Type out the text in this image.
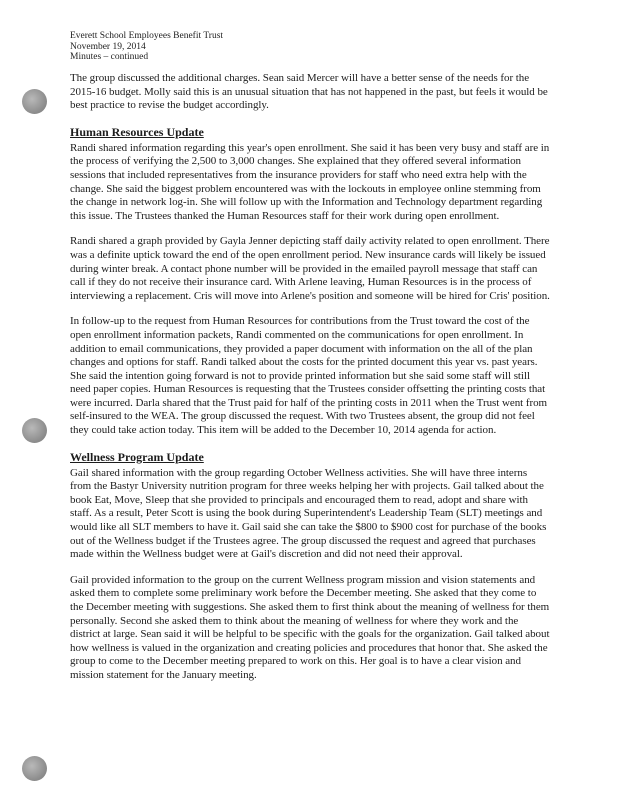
Everett School Employees Benefit Trust
November 19, 2014
Minutes – continued

The group discussed the additional charges. Sean said Mercer will have a better sense of the needs for the 2015-16 budget. Molly said this is an unusual situation that has not happened in the past, but feels it would be best practice to revise the budget accordingly.

Human Resources Update

Randi shared information regarding this year's open enrollment. She said it has been very busy and staff are in the process of verifying the 2,500 to 3,000 changes. She explained that they offered several information sessions that included representatives from the insurance providers for staff who need extra help with the change. She said the biggest problem encountered was with the lockouts in employee online stemming from the change in network log-in. She will follow up with the Information and Technology department regarding this issue. The Trustees thanked the Human Resources staff for their work during open enrollment.

Randi shared a graph provided by Gayla Jenner depicting staff daily activity related to open enrollment. There was a definite uptick toward the end of the open enrollment period. New insurance cards will likely be issued during winter break. A contact phone number will be provided in the emailed payroll message that staff can call if they do not receive their insurance card. With Arlene leaving, Human Resources is in the process of interviewing a replacement. Cris will move into Arlene's position and someone will be hired for Cris' position.

In follow-up to the request from Human Resources for contributions from the Trust toward the cost of the open enrollment information packets, Randi commented on the communications for open enrollment. In addition to email communications, they provided a paper document with information on the all of the plan changes and options for staff. Randi talked about the costs for the printed document this year vs. past years. She said the intention going forward is not to provide printed information but she said some staff will still need paper copies. Human Resources is requesting that the Trustees consider offsetting the printing costs that were incurred. Darla shared that the Trust paid for half of the printing costs in 2011 when the Trust went from self-insured to the WEA. The group discussed the request. With two Trustees absent, the group did not feel they could take action today. This item will be added to the December 10, 2014 agenda for action.

Wellness Program Update

Gail shared information with the group regarding October Wellness activities. She will have three interns from the Bastyr University nutrition program for three weeks helping her with projects. Gail talked about the book Eat, Move, Sleep that she provided to principals and encouraged them to read, adopt and share with staff. As a result, Peter Scott is using the book during Superintendent's Leadership Team (SLT) meetings and would like all SLT members to have it. Gail said she can take the $800 to $900 cost for purchase of the books out of the Wellness budget if the Trustees agree. The group discussed the request and agreed that purchases made within the Wellness budget were at Gail's discretion and did not need their approval.

Gail provided information to the group on the current Wellness program mission and vision statements and asked them to complete some preliminary work before the December meeting. She asked that they come to the December meeting with suggestions. She asked them to first think about the meaning of wellness for them personally. Second she asked them to think about the meaning of wellness for where they work and the district at large. Sean said it will be helpful to be specific with the goals for the organization. Gail talked about how wellness is valued in the organization and creating policies and procedures that honor that. She asked the group to come to the December meeting prepared to work on this. Her goal is to have a clear vision and mission statement for the January meeting.
